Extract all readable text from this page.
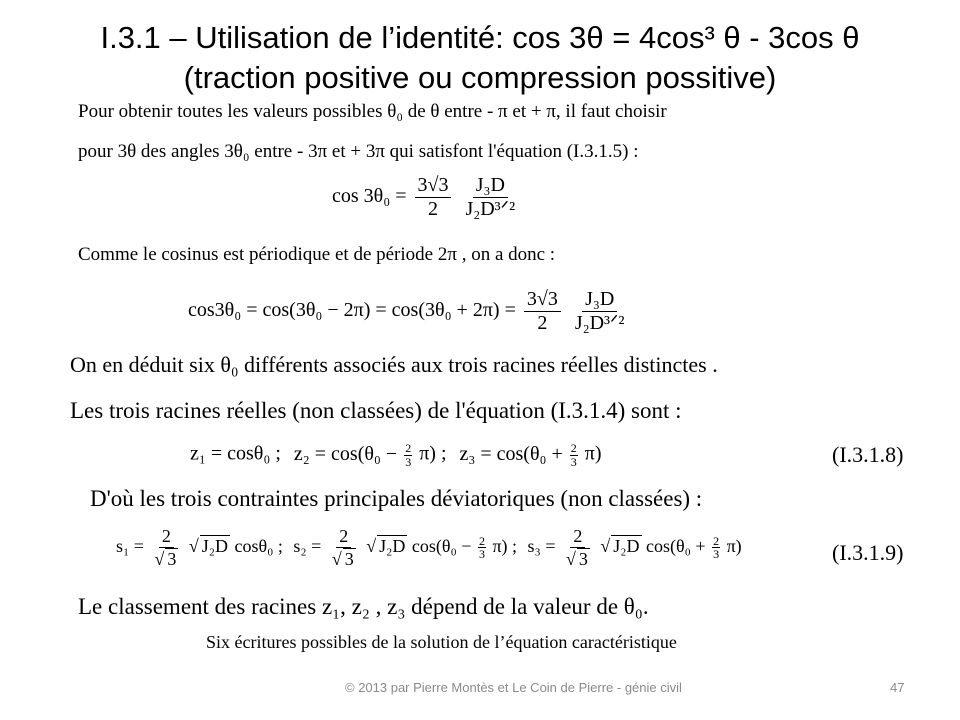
I.3.1 – Utilisation de l’identité: cos 3θ = 4cos³ θ - 3cos θ
(traction positive ou compression possitive)
Pour obtenir toutes les valeurs possibles θ₀ de θ entre - π et + π, il faut choisir
pour 3θ des angles 3θ₀ entre - 3π et + 3π qui satisfont l'équation (I.3.1.5) :
$\cos 3\theta_0 = \frac{3√3}{2}$
$\frac{\text{J₃D}}{\text{J₂D³ᐟ²}}$
Comme le cosinus est périodique et de période 2π , on a donc :
$\cos 3\theta_0 = \cos(3\theta_0 - 2\pi) = \cos(3\theta_0 + 2\pi) = \frac{3√3}{2}$
$\frac{\text{J₃D}}{\text{J₂D³ᐟ²}}$
On en déduit six θ₀ différents associés aux trois racines réelles distinctes .
Les trois racines réelles (non classées) de l'équation (I.3.1.4) sont :
z₁ = cosθ₀ ; $z_2 = \cos(\theta_0 - \frac{2}{3} \pi)$ ; $z_3 = \cos(\theta_0 + \frac{2}{3} \pi)$	(I.3.1.8)
D'où les trois contraintes principales déviatoriques (non classées) :
$s_1 = \frac{2}{√ 3}$ √ J₂D cosθ₀ ; $s_2 = \frac{2}{√ 3}$ √ J₂D $\cos(\theta_0 - \frac{2}{3} \pi)$ ; $s_3 = \frac{2}{√ 3}$ √ J₂D $\cos(\theta_0 + \frac{2}{3} \pi)$	(I.3.1.9)
Le classement des racines z₁, z₂ , z₃ dépend de la valeur de θ₀.
Six écritures possibles de la solution de l’équation caractéristique
© 2013 par Pierre Montès et Le Coin de Pierre - génie civil	47
